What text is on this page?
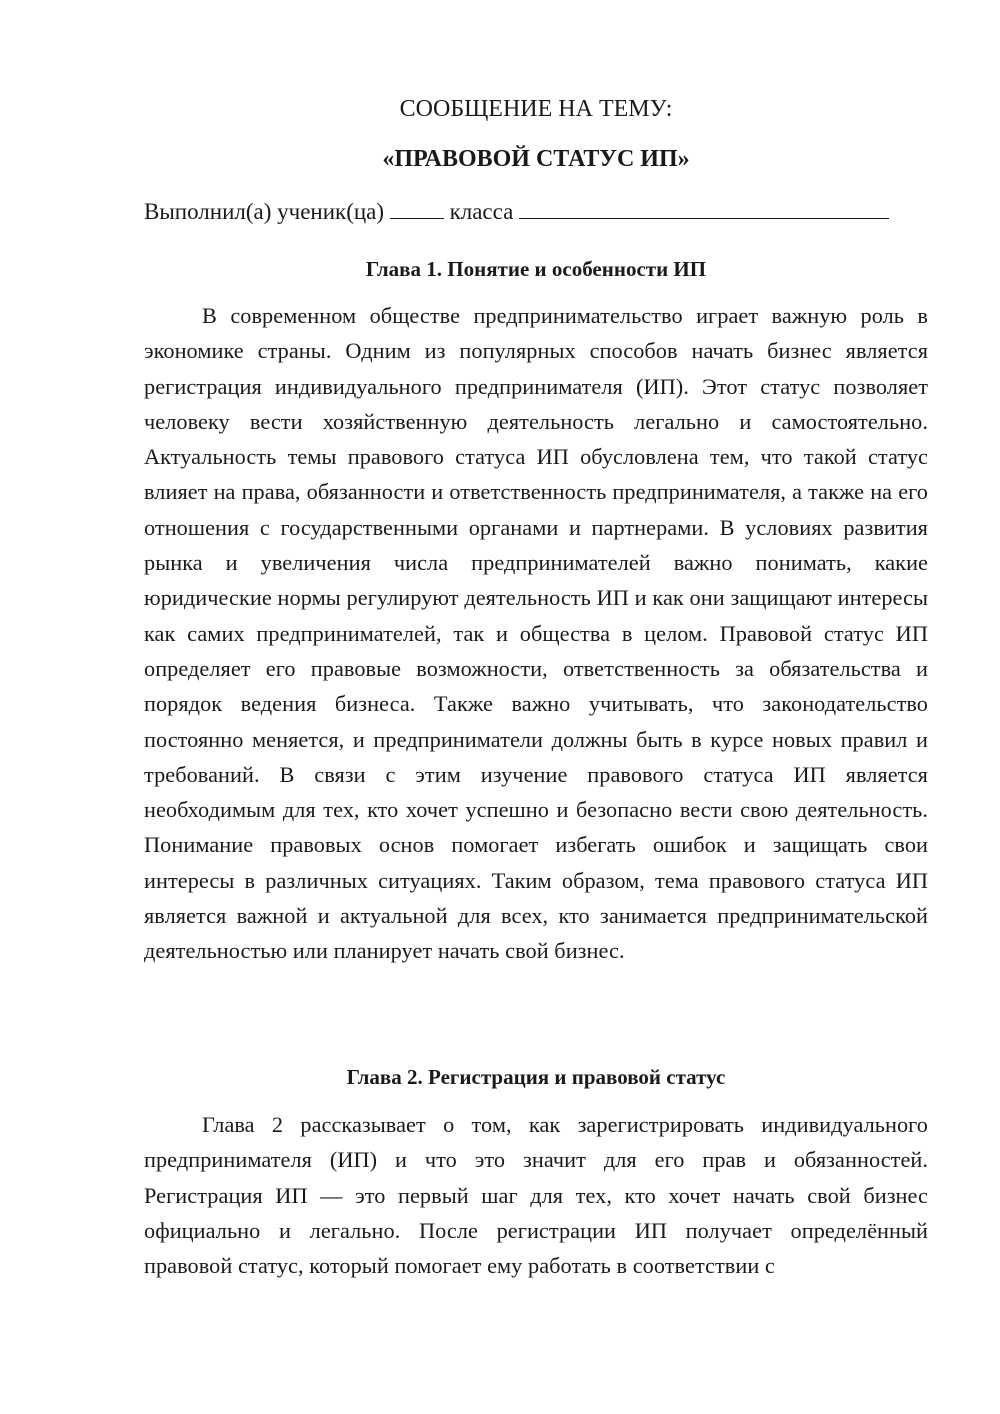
СООБЩЕНИЕ НА ТЕМУ:
«ПРАВОВОЙ СТАТУС ИП»
Выполнил(а) ученик(ца)	класса
Глава 1. Понятие и особенности ИП

В современном обществе предпринимательство играет важную роль в экономике страны. Одним из популярных способов начать бизнес является регистрация индивидуального предпринимателя (ИП). Этот статус позволяет человеку вести хозяйственную деятельность легально и самостоятельно. Актуальность темы правового статуса ИП обусловлена тем, что такой статус влияет на права, обязанности и ответственность предпринимателя, а также на его отношения с государственными органами и партнерами. В условиях развития рынка и увеличения числа предпринимателей важно понимать, какие юридические нормы регулируют деятельность ИП и как они защищают интересы как самих предпринимателей, так и общества в целом. Правовой статус ИП определяет его правовые возможности, ответственность за обязательства и порядок ведения бизнеса. Также важно учитывать, что законодательство постоянно меняется, и предприниматели должны быть в курсе новых правил и требований. В связи с этим изучение правового статуса ИП является необходимым для тех, кто хочет успешно и безопасно вести свою деятельность. Понимание правовых основ помогает избегать ошибок и защищать свои интересы в различных ситуациях. Таким образом, тема правового статуса ИП является важной и актуальной для всех, кто занимается предпринимательской деятельностью или планирует начать свой бизнес.

Глава 2. Регистрация и правовой статус

Глава 2 рассказывает о том, как зарегистрировать индивидуального предпринимателя (ИП) и что это значит для его прав и обязанностей. Регистрация ИП — это первый шаг для тех, кто хочет начать свой бизнес официально и легально. После регистрации ИП получает определённый правовой статус, который помогает ему работать в соответствии с
